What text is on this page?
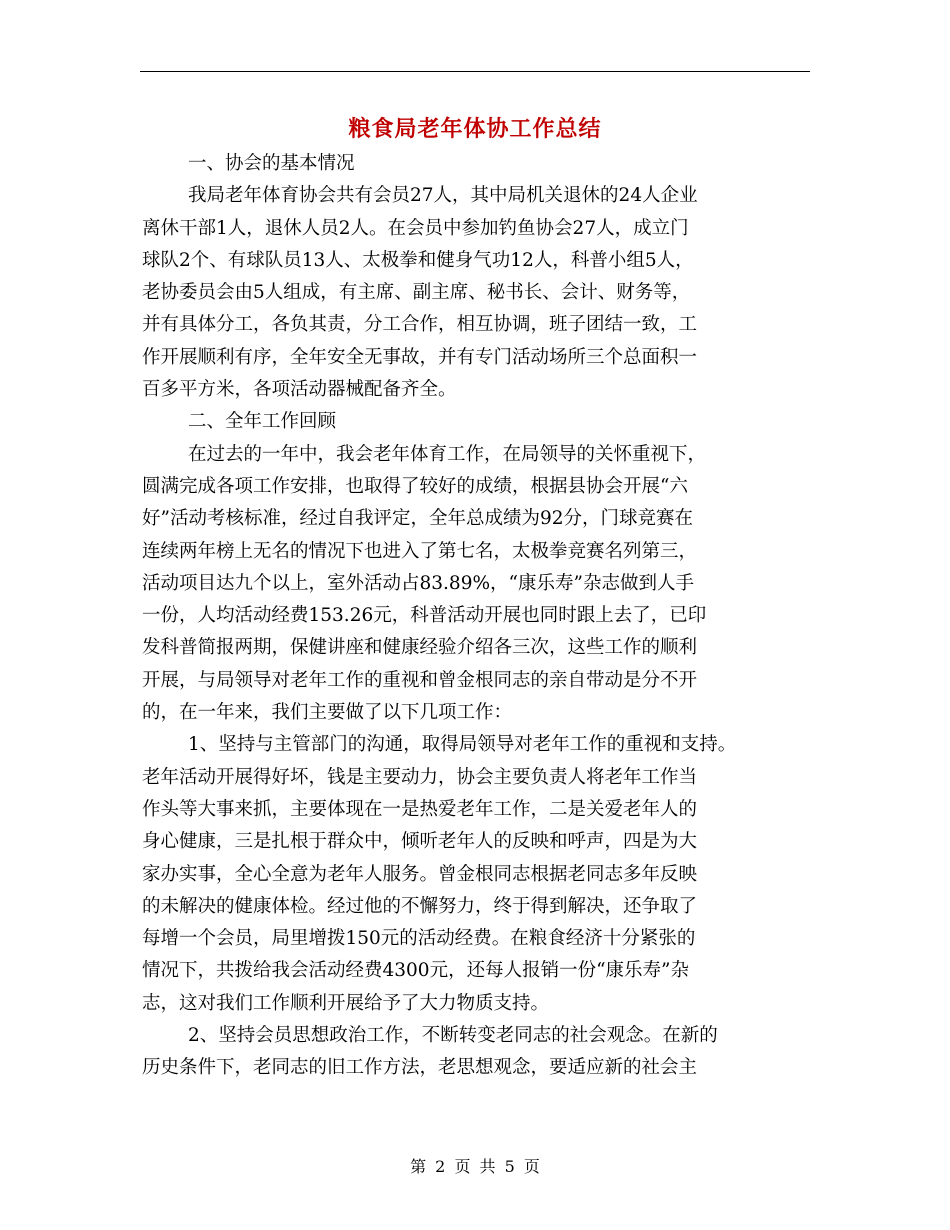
粮食局老年体协工作总结
一、协会的基本情况
我局老年体育协会共有会员27人，其中局机关退休的24人企业
离休干部1人，退休人员2人。在会员中参加钓鱼协会27人，成立门
球队2个、有球队员13人、太极拳和健身气功12人，科普小组5人，
老协委员会由5人组成，有主席、副主席、秘书长、会计、财务等，
并有具体分工，各负其责，分工合作，相互协调，班子团结一致，工
作开展顺利有序，全年安全无事故，并有专门活动场所三个总面积一
百多平方米，各项活动器械配备齐全。
二、全年工作回顾
在过去的一年中，我会老年体育工作，在局领导的关怀重视下，
圆满完成各项工作安排，也取得了较好的成绩，根据县协会开展“六
好”活动考核标准，经过自我评定，全年总成绩为92分，门球竞赛在
连续两年榜上无名的情况下也进入了第七名，太极拳竞赛名列第三，
活动项目达九个以上，室外活动占83.89%，“康乐寿”杂志做到人手
一份，人均活动经费153.26元，科普活动开展也同时跟上去了，已印
发科普简报两期，保健讲座和健康经验介绍各三次，这些工作的顺利
开展，与局领导对老年工作的重视和曾金根同志的亲自带动是分不开
的，在一年来，我们主要做了以下几项工作：
1、坚持与主管部门的沟通，取得局领导对老年工作的重视和支持。
老年活动开展得好坏，钱是主要动力，协会主要负责人将老年工作当
作头等大事来抓，主要体现在一是热爱老年工作，二是关爱老年人的
身心健康，三是扎根于群众中，倾听老年人的反映和呼声，四是为大
家办实事，全心全意为老年人服务。曾金根同志根据老同志多年反映
的未解决的健康体检。经过他的不懈努力，终于得到解决，还争取了
每增一个会员，局里增拨150元的活动经费。在粮食经济十分紧张的
情况下，共拨给我会活动经费4300元，还每人报销一份“康乐寿”杂
志，这对我们工作顺利开展给予了大力物质支持。
2、坚持会员思想政治工作，不断转变老同志的社会观念。在新的
历史条件下，老同志的旧工作方法，老思想观念，要适应新的社会主
第 2 页 共 5 页
